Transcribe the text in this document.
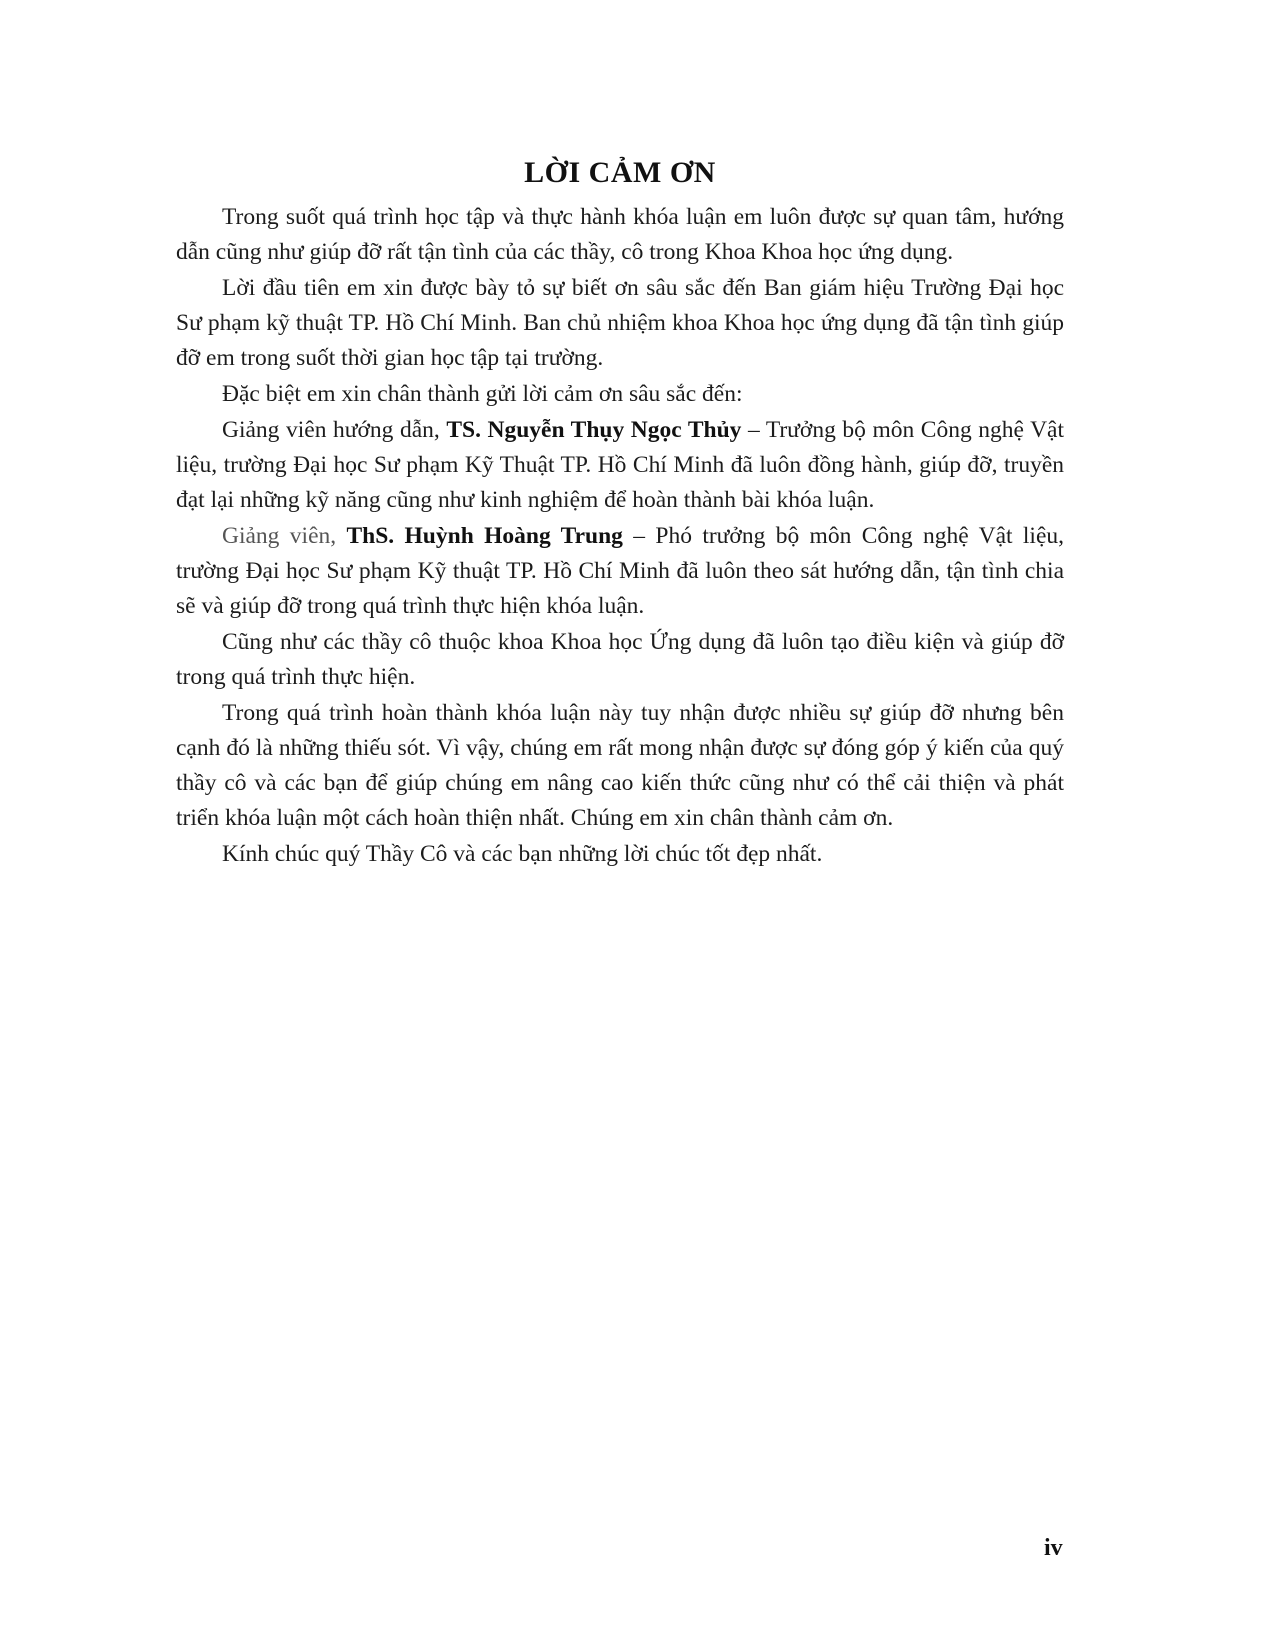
LỜI CẢM ƠN

Trong suốt quá trình học tập và thực hành khóa luận em luôn được sự quan tâm, hướng dẫn cũng như giúp đỡ rất tận tình của các thầy, cô trong Khoa Khoa học ứng dụng.

Lời đầu tiên em xin được bày tỏ sự biết ơn sâu sắc đến Ban giám hiệu Trường Đại học Sư phạm kỹ thuật TP. Hồ Chí Minh. Ban chủ nhiệm khoa Khoa học ứng dụng đã tận tình giúp đỡ em trong suốt thời gian học tập tại trường.

Đặc biệt em xin chân thành gửi lời cảm ơn sâu sắc đến:

Giảng viên hướng dẫn, TS. Nguyễn Thụy Ngọc Thủy – Trưởng bộ môn Công nghệ Vật liệu, trường Đại học Sư phạm Kỹ Thuật TP. Hồ Chí Minh đã luôn đồng hành, giúp đỡ, truyền đạt lại những kỹ năng cũng như kinh nghiệm để hoàn thành bài khóa luận.

Giảng viên, ThS. Huỳnh Hoàng Trung – Phó trưởng bộ môn Công nghệ Vật liệu, trường Đại học Sư phạm Kỹ thuật TP. Hồ Chí Minh đã luôn theo sát hướng dẫn, tận tình chia sẽ và giúp đỡ trong quá trình thực hiện khóa luận.

Cũng như các thầy cô thuộc khoa Khoa học Ứng dụng đã luôn tạo điều kiện và giúp đỡ trong quá trình thực hiện.

Trong quá trình hoàn thành khóa luận này tuy nhận được nhiều sự giúp đỡ nhưng bên cạnh đó là những thiếu sót. Vì vậy, chúng em rất mong nhận được sự đóng góp ý kiến của quý thầy cô và các bạn để giúp chúng em nâng cao kiến thức cũng như có thể cải thiện và phát triển khóa luận một cách hoàn thiện nhất. Chúng em xin chân thành cảm ơn.

Kính chúc quý Thầy Cô và các bạn những lời chúc tốt đẹp nhất.

iv
